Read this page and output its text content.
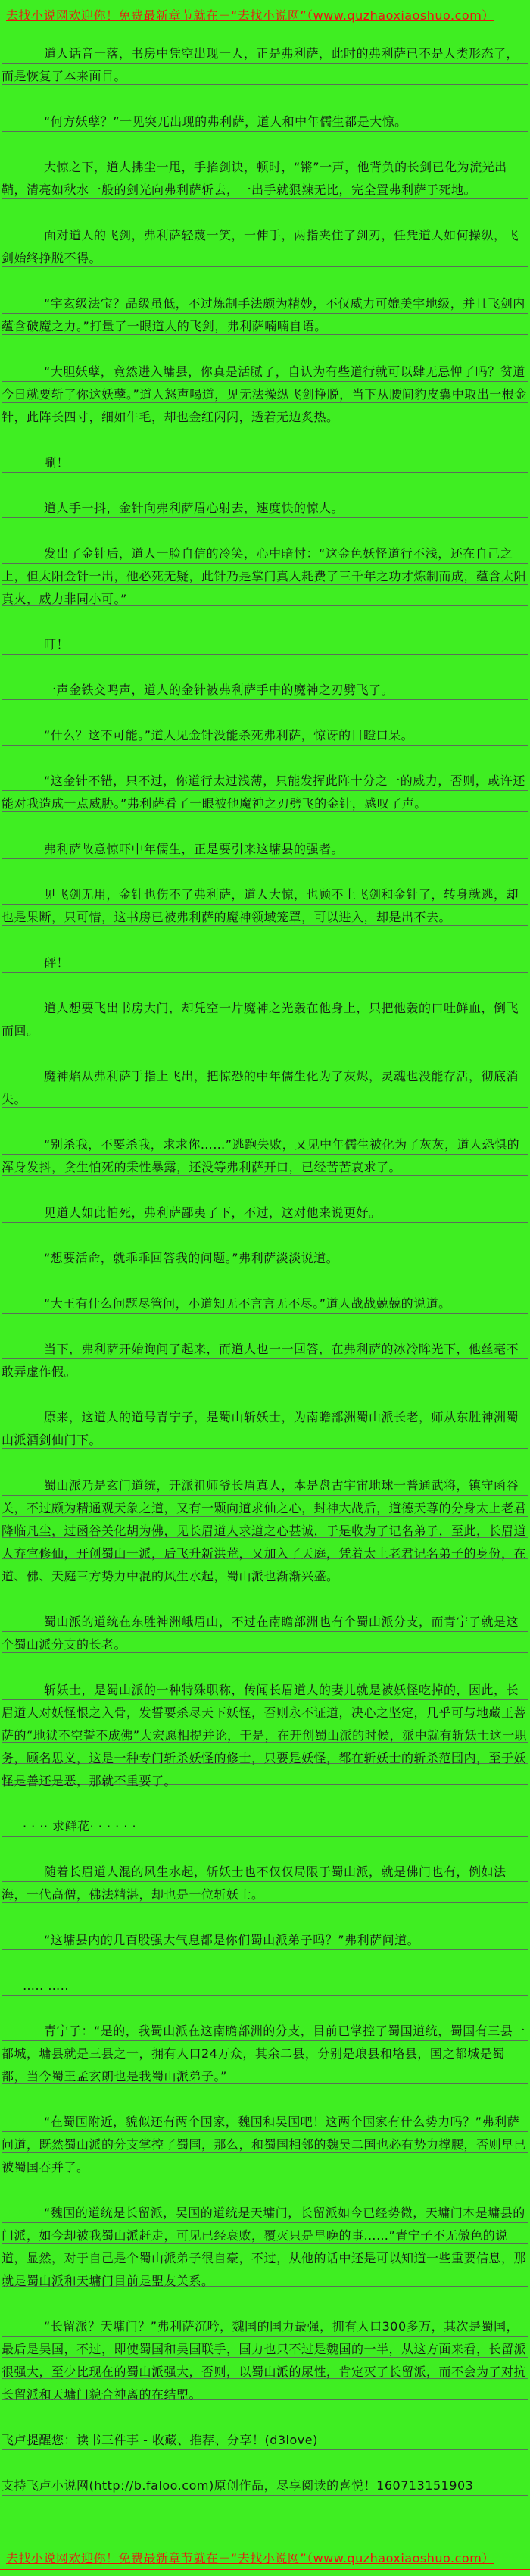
去找小说网欢迎你！免费最新章节就在－“去找小说网”（www.quzhaoxiaoshuo.com）

道人话音一落，书房中凭空出现一人，正是弗利萨，此时的弗利萨已不是人类形态了，而是恢复了本来面目。

“何方妖孽？”一见突兀出现的弗利萨，道人和中年儒生都是大惊。

大惊之下，道人拂尘一甩，手掐剑诀，顿时，“锵”一声，他背负的长剑已化为流光出鞘，清亮如秋水一般的剑光向弗利萨斩去，一出手就狠辣无比，完全置弗利萨于死地。

面对道人的飞剑，弗利萨轻蔑一笑，一伸手，两指夹住了剑刃，任凭道人如何操纵，飞剑始终挣脱不得。

“宇玄级法宝？品级虽低，不过炼制手法颇为精妙，不仅威力可媲美宇地级，并且飞剑内蕴含破魔之力。”打量了一眼道人的飞剑，弗利萨喃喃自语。

“大胆妖孽，竟然进入墉县，你真是活腻了，自认为有些道行就可以肆无忌惮了吗？贫道今日就要斩了你这妖孽。”道人怒声喝道，见无法操纵飞剑挣脱，当下从腰间豹皮囊中取出一根金针，此阵长四寸，细如牛毛，却也金红闪闪，透着无边炙热。

唰！

道人手一抖，金针向弗利萨眉心射去，速度快的惊人。

发出了金针后，道人一脸自信的冷笑，心中暗忖：“这金色妖怪道行不浅，还在自己之上，但太阳金针一出，他必死无疑，此针乃是掌门真人耗费了三千年之功才炼制而成，蕴含太阳真火，威力非同小可。”

叮！

一声金铁交鸣声，道人的金针被弗利萨手中的魔神之刃劈飞了。

“什么？这不可能。”道人见金针没能杀死弗利萨，惊讶的目瞪口呆。

“这金针不错，只不过，你道行太过浅薄，只能发挥此阵十分之一的威力，否则，或许还能对我造成一点威胁。”弗利萨看了一眼被他魔神之刃劈飞的金针，感叹了声。

弗利萨故意惊吓中年儒生，正是要引来这墉县的强者。

见飞剑无用，金针也伤不了弗利萨，道人大惊，也顾不上飞剑和金针了，转身就逃，却也是果断，只可惜，这书房已被弗利萨的魔神领域笼罩，可以进入，却是出不去。

砰！

道人想要飞出书房大门，却凭空一片魔神之光轰在他身上，只把他轰的口吐鲜血，倒飞而回。

魔神焰从弗利萨手指上飞出，把惊恐的中年儒生化为了灰烬，灵魂也没能存活，彻底消失。

“别杀我，不要杀我，求求你……”逃跑失败，又见中年儒生被化为了灰灰，道人恐惧的浑身发抖，贪生怕死的秉性暴露，还没等弗利萨开口，已经苦苦哀求了。

见道人如此怕死，弗利萨鄙夷了下，不过，这对他来说更好。

“想要活命，就乖乖回答我的问题。”弗利萨淡淡说道。

“大王有什么问题尽管问，小道知无不言言无不尽。”道人战战兢兢的说道。

当下，弗利萨开始询问了起来，而道人也一一回答，在弗利萨的冰冷眸光下，他丝毫不敢弄虚作假。

原来，这道人的道号青宁子，是蜀山斩妖士，为南瞻部洲蜀山派长老，师从东胜神洲蜀山派酒剑仙门下。

蜀山派乃是玄门道统，开派祖师爷长眉真人，本是盘古宇宙地球一普通武将，镇守函谷关，不过颇为精通观天象之道，又有一颗向道求仙之心，封神大战后，道德天尊的分身太上老君降临凡尘，过函谷关化胡为佛，见长眉道人求道之心甚诚，于是收为了记名弟子，至此，长眉道人弃官修仙，开创蜀山一派，后飞升新洪荒，又加入了天庭，凭着太上老君记名弟子的身份，在道、佛、天庭三方势力中混的风生水起，蜀山派也渐渐兴盛。

蜀山派的道统在东胜神洲峨眉山，不过在南瞻部洲也有个蜀山派分支，而青宁子就是这个蜀山派分支的长老。

斩妖士，是蜀山派的一种特殊职称，传闻长眉道人的妻儿就是被妖怪吃掉的，因此，长眉道人对妖怪恨之入骨，发誓要杀尽天下妖怪，否则永不证道，决心之坚定，几乎可与地藏王菩萨的“地狱不空誓不成佛”大宏愿相提并论，于是，在开创蜀山派的时候，派中就有斩妖士这一职务，顾名思义，这是一种专门斩杀妖怪的修士，只要是妖怪，都在斩妖士的斩杀范围内，至于妖怪是善还是恶，那就不重要了。

· · ·· 求鲜花· · · · · ·

随着长眉道人混的风生水起，斩妖士也不仅仅局限于蜀山派，就是佛门也有，例如法海，一代高僧，佛法精湛，却也是一位斩妖士。

“这墉县内的几百股强大气息都是你们蜀山派弟子吗？”弗利萨问道。

….. …..

青宁子：“是的，我蜀山派在这南瞻部洲的分支，目前已掌控了蜀国道统，蜀国有三县一都城，墉县就是三县之一，拥有人口24万众，其余二县，分别是琅县和垎县，国之都城是蜀都，当今蜀王孟玄朗也是我蜀山派弟子。”

“在蜀国附近，貌似还有两个国家，魏国和吴国吧！这两个国家有什么势力吗？”弗利萨问道，既然蜀山派的分支掌控了蜀国，那么，和蜀国相邻的魏吴二国也必有势力撑腰，否则早已被蜀国吞并了。

“魏国的道统是长留派，吴国的道统是天墉门，长留派如今已经势微，天墉门本是墉县的门派，如今却被我蜀山派赶走，可见已经衰败，覆灭只是早晚的事……”青宁子不无傲色的说道，显然，对于自己是个蜀山派弟子很自豪，不过，从他的话中还是可以知道一些重要信息，那就是蜀山派和天墉门目前是盟友关系。

“长留派？天墉门？”弗利萨沉吟，魏国的国力最强，拥有人口300多万，其次是蜀国，最后是吴国，不过，即使蜀国和吴国联手，国力也只不过是魏国的一半，从这方面来看，长留派很强大，至少比现在的蜀山派强大，否则，以蜀山派的尿性，肯定灭了长留派，而不会为了对抗长留派和天墉门貌合神离的在结盟。

飞卢提醒您：读书三件事 - 收藏、推荐、分享！(d3love)

支持飞卢小说网(http://b.faloo.com)原创作品，尽享阅读的喜悦！160713151903

去找小说网欢迎你！免费最新章节就在－“去找小说网”（www.quzhaoxiaoshuo.com）
